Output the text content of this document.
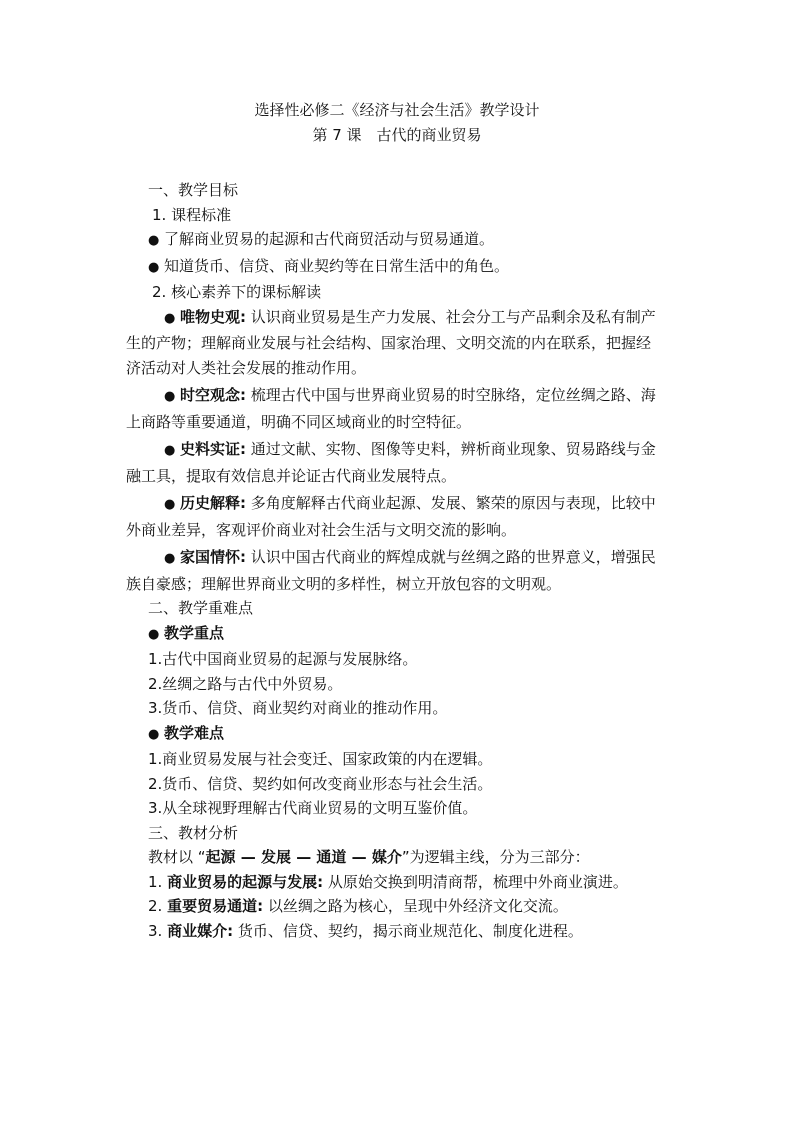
选择性必修二《经济与社会生活》教学设计
第 7 课　古代的商业贸易
一、教学目标
1. 课程标准
● 了解商业贸易的起源和古代商贸活动与贸易通道。
● 知道货币、信贷、商业契约等在日常生活中的角色。
2. 核心素养下的课标解读
● 唯物史观: 认识商业贸易是生产力发展、社会分工与产品剩余及私有制产
生的产物；理解商业发展与社会结构、国家治理、文明交流的内在联系，把握经
济活动对人类社会发展的推动作用。
● 时空观念: 梳理古代中国与世界商业贸易的时空脉络，定位丝绸之路、海
上商路等重要通道，明确不同区域商业的时空特征。
● 史料实证: 通过文献、实物、图像等史料，辨析商业现象、贸易路线与金
融工具，提取有效信息并论证古代商业发展特点。
● 历史解释: 多角度解释古代商业起源、发展、繁荣的原因与表现，比较中
外商业差异，客观评价商业对社会生活与文明交流的影响。
● 家国情怀: 认识中国古代商业的辉煌成就与丝绸之路的世界意义，增强民
族自豪感；理解世界商业文明的多样性，树立开放包容的文明观。
二、教学重难点
● 教学重点
1.古代中国商业贸易的起源与发展脉络。
2.丝绸之路与古代中外贸易。
3.货币、信贷、商业契约对商业的推动作用。
● 教学难点
1.商业贸易发展与社会变迁、国家政策的内在逻辑。
2.货币、信贷、契约如何改变商业形态与社会生活。
3.从全球视野理解古代商业贸易的文明互鉴价值。
三、教材分析
教材以 “起源 — 发展 — 通道 — 媒介”为逻辑主线，分为三部分：
1. 商业贸易的起源与发展: 从原始交换到明清商帮，梳理中外商业演进。
2. 重要贸易通道: 以丝绸之路为核心，呈现中外经济文化交流。
3. 商业媒介: 货币、信贷、契约，揭示商业规范化、制度化进程。
